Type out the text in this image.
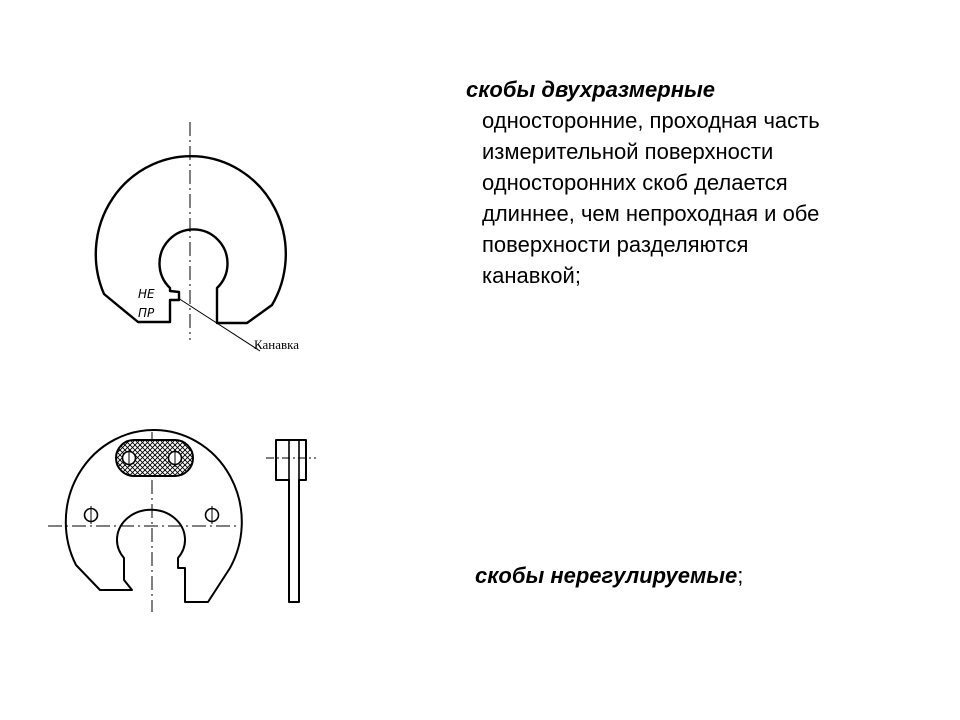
НЕ
ПР
Канавка
скобы двухразмерные
односторонние, проходная часть
измерительной поверхности
односторонних скоб делается
длиннее, чем непроходная и обе
поверхности разделяются
канавкой;
скобы нерегулируемые;
